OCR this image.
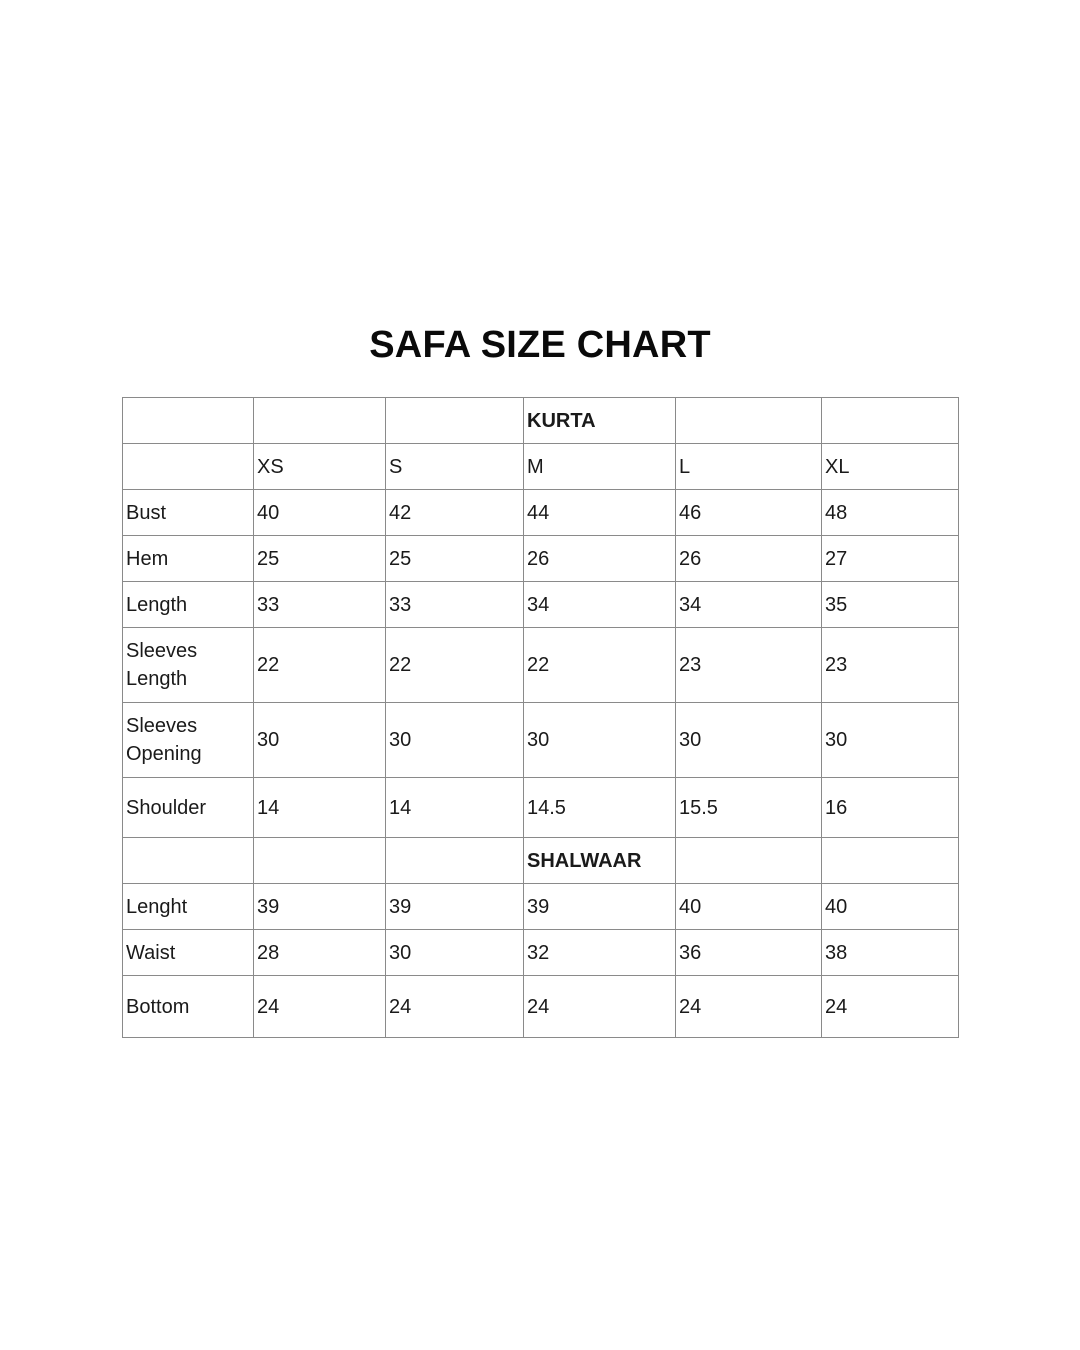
SAFA SIZE CHART
			KURTA		
	XS	S	M	L	XL
Bust	40	42	44	46	48
Hem	25	25	26	26	27
Length	33	33	34	34	35
Sleeves
Length	22	22	22	23	23
Sleeves
Opening	30	30	30	30	30
Shoulder	14	14	14.5	15.5	16
			SHALWAAR		
Lenght	39	39	39	40	40
Waist	28	30	32	36	38
Bottom	24	24	24	24	24
